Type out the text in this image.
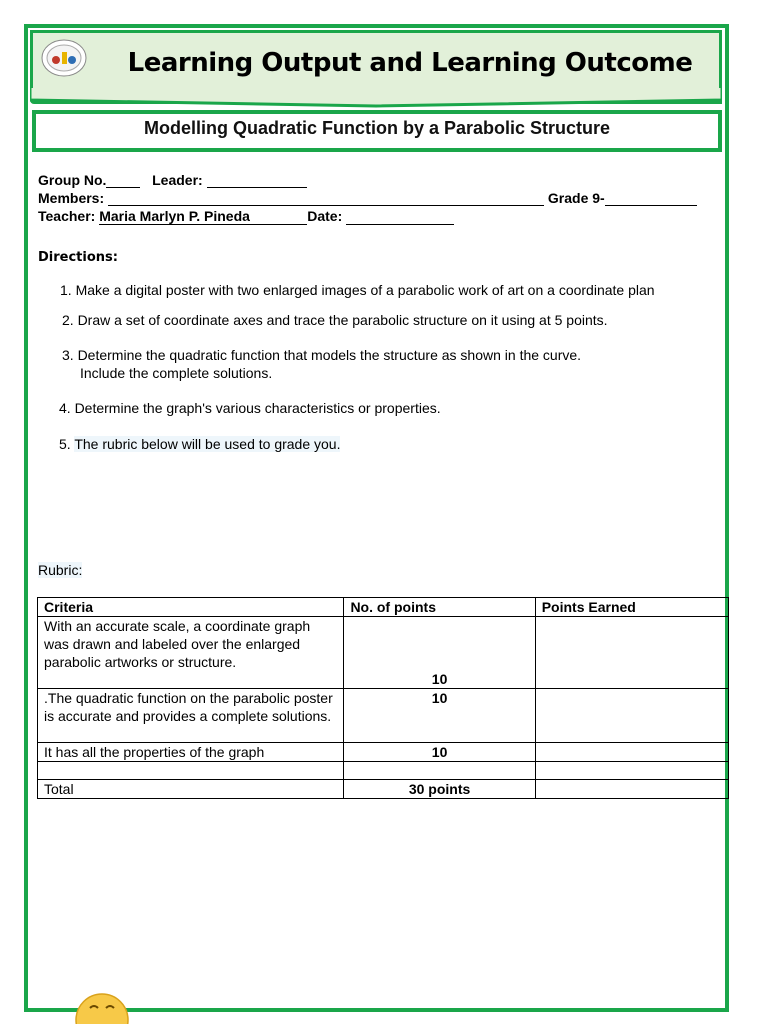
Learning Output and Learning Outcome
Modelling Quadratic Function by a Parabolic Structure
Group No.	Leader:
Members:	Grade 9-
Teacher: Maria Marlyn P. Pineda	Date:
Directions:
1. Make a digital poster with two enlarged images of a parabolic work of art on a coordinate plan
2. Draw a set of coordinate axes and trace the parabolic structure on it using at 5 points.
3. Determine the quadratic function that models the structure as shown in the curve.
Include the complete solutions.
4. Determine the graph's various characteristics or properties.
5. The rubric below will be used to grade you.
Rubric:
Criteria	No. of points	Points Earned
With an accurate scale, a coordinate graph was drawn and labeled over the enlarged parabolic artworks or structure.	10	
.The quadratic function on the parabolic poster is accurate and provides a complete solutions.	10	
It has all the properties of the graph	10	

Total	30 points	
